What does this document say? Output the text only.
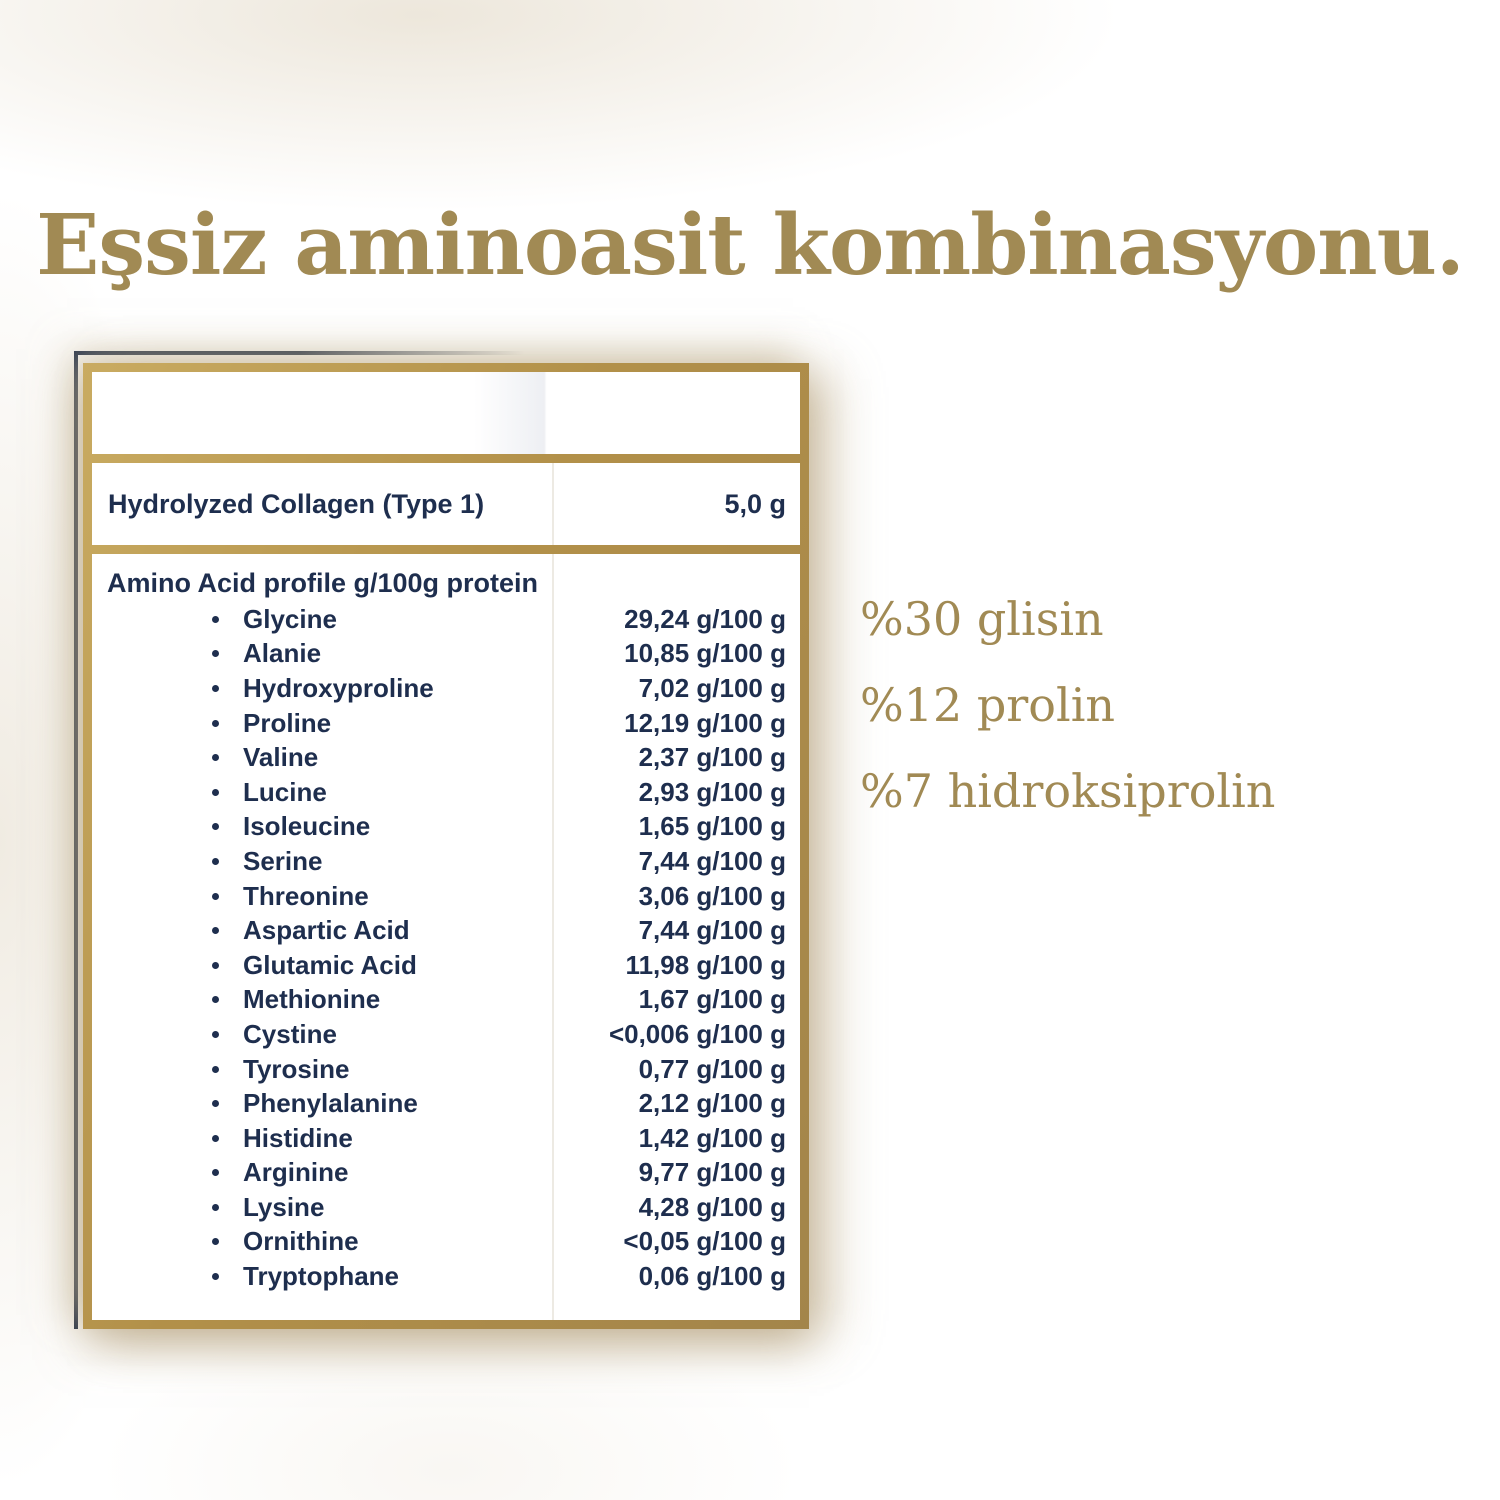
Eşsiz aminoasit kombinasyonu.
Description / Ingredient	1 serving
Hydrolyzed Collagen (Type 1)	5,0 g
Amino Acid profile g/100g protein
Glycine	29,24 g/100 g
Alanie	10,85 g/100 g
Hydroxyproline	7,02 g/100 g
Proline	12,19 g/100 g
Valine	2,37 g/100 g
Lucine	2,93 g/100 g
Isoleucine	1,65 g/100 g
Serine	7,44 g/100 g
Threonine	3,06 g/100 g
Aspartic Acid	7,44 g/100 g
Glutamic Acid	11,98 g/100 g
Methionine	1,67 g/100 g
Cystine	<0,006 g/100 g
Tyrosine	0,77 g/100 g
Phenylalanine	2,12 g/100 g
Histidine	1,42 g/100 g
Arginine	9,77 g/100 g
Lysine	4,28 g/100 g
Ornithine	<0,05 g/100 g
Tryptophane	0,06 g/100 g
%30 glisin
%12 prolin
%7 hidroksiprolin
